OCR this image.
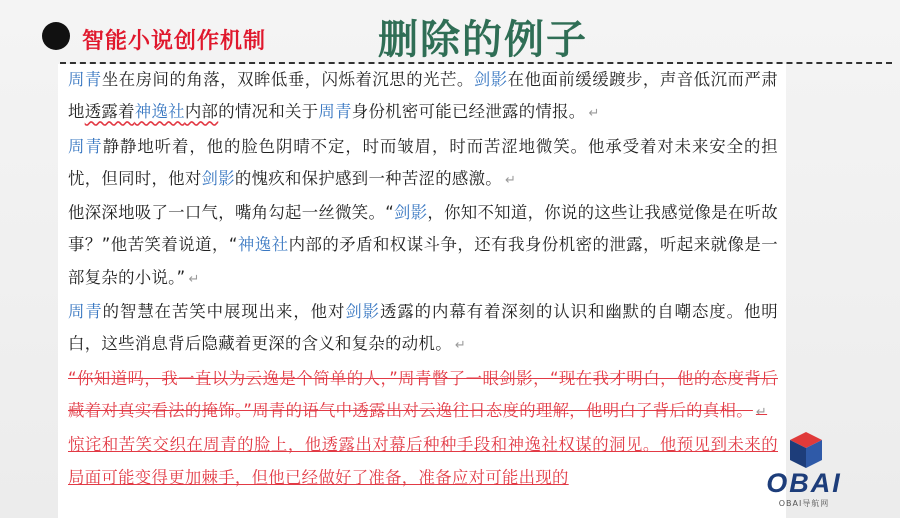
智能小说创作机制	删除的例子

周青坐在房间的角落，双眸低垂，闪烁着沉思的光芒。剑影在他面前缓缓踱步，声音低沉而严肃地透露着神逸社内部的情况和关于周青身份机密可能已经泄露的情报。 ↵

周青静静地听着，他的脸色阴晴不定，时而皱眉，时而苦涩地微笑。他承受着对未来安全的担忧，但同时，他对剑影的愧疚和保护感到一种苦涩的感激。 ↵

他深深地吸了一口气，嘴角勾起一丝微笑。“剑影，你知不知道，你说的这些让我感觉像是在听故事？”他苦笑着说道，“神逸社内部的矛盾和权谋斗争，还有我身份机密的泄露，听起来就像是一部复杂的小说。” ↵

周青的智慧在苦笑中展现出来，他对剑影透露的内幕有着深刻的认识和幽默的自嘲态度。他明白，这些消息背后隐藏着更深的含义和复杂的动机。 ↵

“你知道吗，我一直以为云逸是个简单的人，”周青瞥了一眼剑影，“现在我才明白，他的态度背后藏着对真实看法的掩饰。”周青的语气中透露出对云逸往日态度的理解，他明白了背后的真相。 ↵

惊诧和苦笑交织在周青的脸上，他透露出对幕后种种手段和神逸社权谋的洞见。他预见到未来的局面可能变得更加棘手，但他已经做好了准备，准备应对可能出现的	OBAI
OBAI导航网
